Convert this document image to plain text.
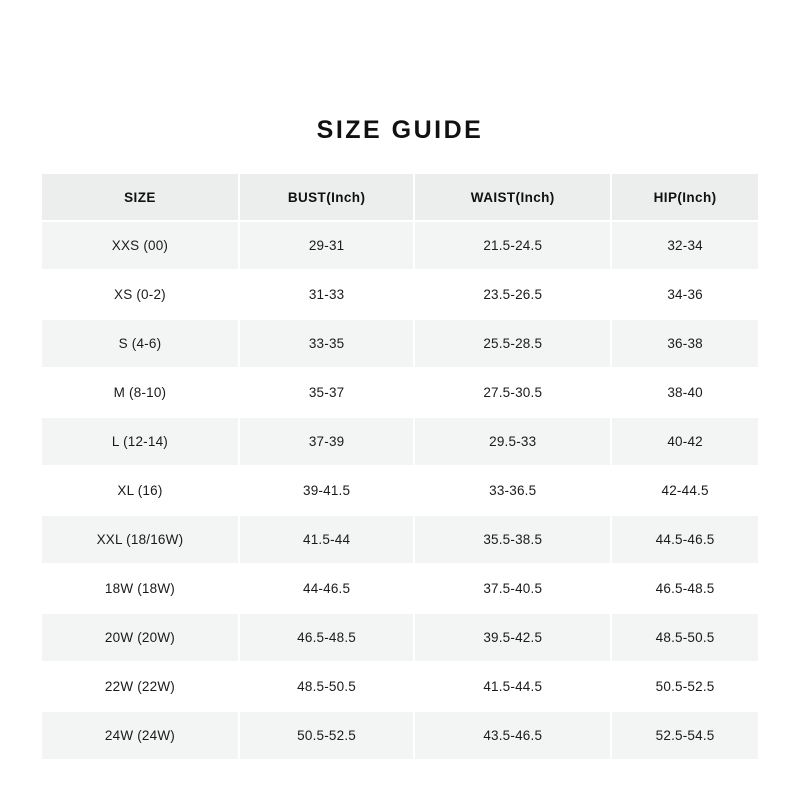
SIZE GUIDE
SIZE	BUST(Inch)	WAIST(Inch)	HIP(Inch)
XXS (00)	29-31	21.5-24.5	32-34
XS (0-2)	31-33	23.5-26.5	34-36
S (4-6)	33-35	25.5-28.5	36-38
M (8-10)	35-37	27.5-30.5	38-40
L (12-14)	37-39	29.5-33	40-42
XL (16)	39-41.5	33-36.5	42-44.5
XXL (18/16W)	41.5-44	35.5-38.5	44.5-46.5
18W (18W)	44-46.5	37.5-40.5	46.5-48.5
20W (20W)	46.5-48.5	39.5-42.5	48.5-50.5
22W (22W)	48.5-50.5	41.5-44.5	50.5-52.5
24W (24W)	50.5-52.5	43.5-46.5	52.5-54.5
